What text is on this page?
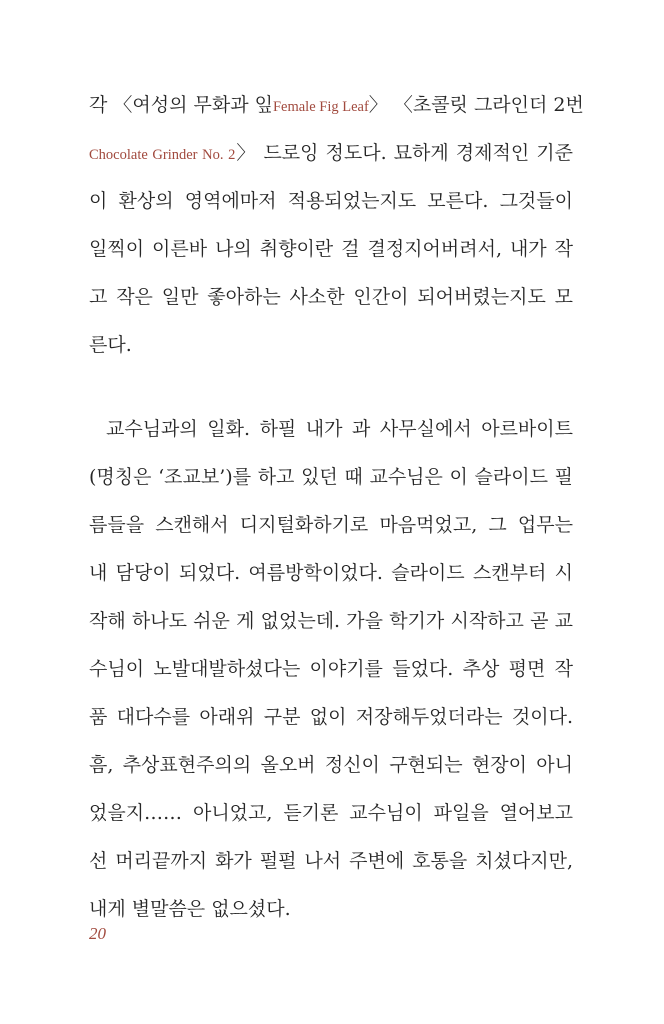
각 〈여성의 무화과 잎Female Fig Leaf〉 〈초콜릿 그라인더 2번
Chocolate Grinder No. 2〉 드로잉 정도다. 묘하게 경제적인 기준
이 환상의 영역에마저 적용되었는지도 모른다. 그것들이
일찍이 이른바 나의 취향이란 걸 결정지어버려서, 내가 작
고 작은 일만 좋아하는 사소한 인간이 되어버렸는지도 모
른다.
교수님과의 일화. 하필 내가 과 사무실에서 아르바이트
(명칭은 ‘조교보’)를 하고 있던 때 교수님은 이 슬라이드 필
름들을 스캔해서 디지털화하기로 마음먹었고, 그 업무는
내 담당이 되었다. 여름방학이었다. 슬라이드 스캔부터 시
작해 하나도 쉬운 게 없었는데. 가을 학기가 시작하고 곧 교
수님이 노발대발하셨다는 이야기를 들었다. 추상 평면 작
품 대다수를 아래위 구분 없이 저장해두었더라는 것이다.
흠, 추상표현주의의 올오버 정신이 구현되는 현장이 아니
었을지…… 아니었고, 듣기론 교수님이 파일을 열어보고
선 머리끝까지 화가 펄펄 나서 주변에 호통을 치셨다지만,
내게 별말씀은 없으셨다.
20
